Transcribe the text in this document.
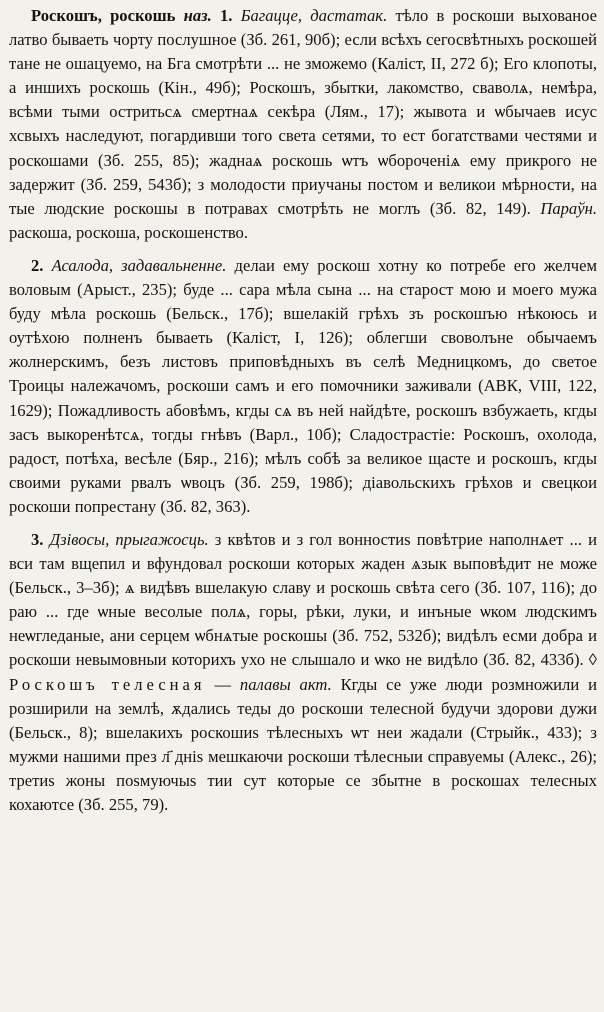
Роскошъ, роскошь наз. 1. Багацце, дастатак. тѣло в роскоши выхованое латво бываеть чорту послушное (Зб. 261, 90б); если всѣхъ сегосвѣтныхъ роскошей тане не ошацуемо, на Бга смотрѣти ... не зможемо (Калiст, II, 272 б); Его клопоты, а иншихъ роскошь (Кiн., 49б); Роскошъ, збытки, лакомство, сваволѧ, немѣра, всѣми тыми остритьсѧ смертнаѧ секѣра (Лям., 17); жывота и ѡбычаев исус хсвыхъ наследуют, погардивши того света сетями, то ест богатствами честями и роскошами (Зб. 255, 85); жаднаѧ роскошь ѡтъ ѡбороченіѧ ему прикрого не задержит (Зб. 259, 543б); з молодости приучаны постом и великои мѣрности, на тые людские роскошы в потравах смотрѣть не моглъ (Зб. 82, 149). Параўн. раскоша, роскоша, роскошенство.

2. Асалода, задавальненне. делаи ему роскош хотну ко потребе его желчем воловым (Арыст., 235); буде ... сара мѣла сына ... на старост мою и моего мужа буду мѣла роскошь (Бельск., 17б); вшелакій грѣхъ зъ роскошъю нѣкоюсь и оутѣхою полненъ бываеть (Калiст, I, 126); облегши своволъне обычаемъ жолнерскимъ, безъ листовъ приповѣдныхъ въ селѣ Медницкомъ, до светое Троицы належачомъ, роскоши самъ и его помочники заживали (АВК, VIII, 122, 1629); Пожадливость абовѣмъ, кгды сѧ въ ней найдѣте, роскошъ взбужаеть, кгды засъ выкоренѣтсѧ, тогды гнѣвъ (Варл., 10б); Сладострастiе: Роскошъ, охолода, радост, потѣха, весѣле (Бяр., 216); мѣлъ собѣ за великое щасте и роскошъ, кгды своими руками рвалъ ѡвоцъ (Зб. 259, 198б); дiавольскихъ грѣхов и свецкои роскоши попрестану (Зб. 82, 363).

3. Дзiвосы, прыгажосць. з квѣтов и з гол вонностиѕ повѣтрие наполнѧет ... и вси там вщепил и вфундовал роскоши которых жаден ѧзык выповѣдит не може (Бельск., 3–3б); ѧ видѣвъ вшелакую славу и роскошь свѣта сего (Зб. 107, 116); до раю ... где ѡные весолые полѧ, горы, рѣки, луки, и инъные ѡком людскимъ неѡгледаные, ани серцем ѡбнѧтые роскошы (Зб. 752, 532б); видѣлъ есми добра и роскоши невымовныи которихъ ухо не слышало и ѡко не видѣло (Зб. 82, 433б). ◊ Роскошъ телесная — палавы акт. Кгды се уже люди розмножили и розширили на землѣ, ѫдались теды до роскоши телесной будучи здорови дужи (Бельск., 8); вшелакихъ роскошиѕ тѣлесныхъ ѡт неи жадали (Стрыйк., 433); з мужми нашими през л҃ днiѕ мешкаючи роскоши тѣлесныи справуемы (Алекс., 26); третиѕ жоны поѕмуючыѕ тии сут которые се збытне в роскошах телесных кохаютсе (Зб. 255, 79).
